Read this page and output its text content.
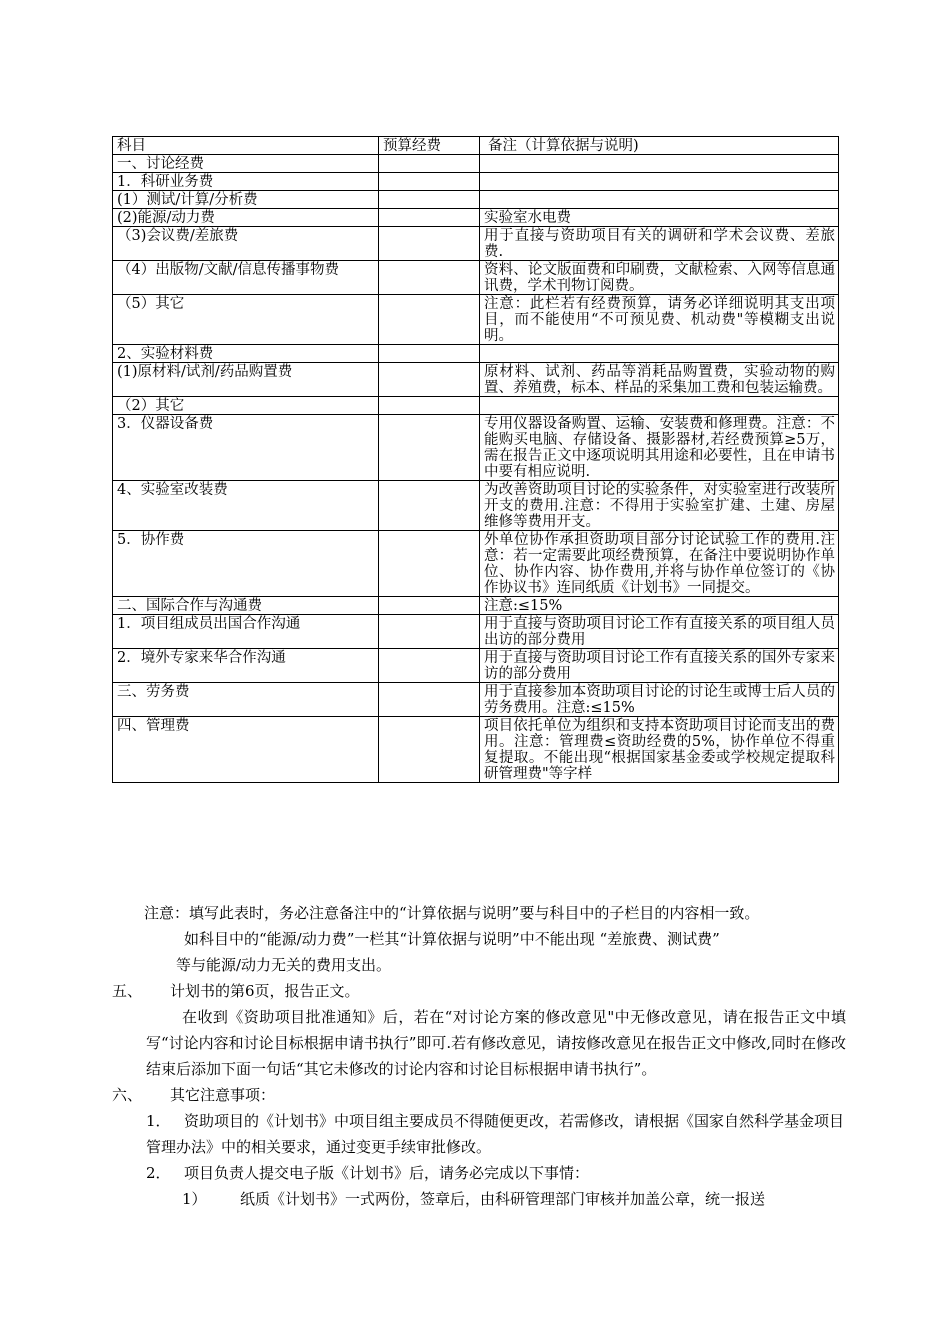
科目	预算经费	备注（计算依据与说明)
一、讨论经费		
1．科研业务费		
(1）测试/计算/分析费		
(2)能源/动力费		实验室水电费
（3)会议费/差旅费		用于直接与资助项目有关的调研和学术会议费、差旅费.
（4）出版物/文献/信息传播事物费		资料、论文版面费和印刷费，文献检索、入网等信息通讯费，学术刊物订阅费。
（5）其它		注意：此栏若有经费预算，请务必详细说明其支出项目，而不能使用“不可预见费、机动费"等模糊支出说明。
2、实验材料费		
(1)原材料/试剂/药品购置费		原材料、试剂、药品等消耗品购置费，实验动物的购置、养殖费，标本、样品的采集加工费和包装运输费。
（2）其它		
3．仪器设备费		专用仪器设备购置、运输、安装费和修理费。注意：不能购买电脑、存储设备、摄影器材,若经费预算≥5万，需在报告正文中逐项说明其用途和必要性，且在申请书中要有相应说明.
4、实验室改装费		为改善资助项目讨论的实验条件，对实验室进行改装所开支的费用.注意：不得用于实验室扩建、土建、房屋维修等费用开支。
5．协作费		外单位协作承担资助项目部分讨论试验工作的费用.注意：若一定需要此项经费预算，在备注中要说明协作单位、协作内容、协作费用,并将与协作单位签订的《协作协议书》连同纸质《计划书》一同提交。
二、国际合作与沟通费		注意:≤15%
1．项目组成员出国合作沟通		用于直接与资助项目讨论工作有直接关系的项目组人员出访的部分费用
2．境外专家来华合作沟通		用于直接与资助项目讨论工作有直接关系的国外专家来访的部分费用
三、劳务费		用于直接参加本资助项目讨论的讨论生或博士后人员的劳务费用。注意:≤15%
四、管理费		项目依托单位为组织和支持本资助项目讨论而支出的费用。注意：管理费≤资助经费的5%，协作单位不得重复提取。不能出现“根据国家基金委或学校规定提取科研管理费"等字样

注意：填写此表时，务必注意备注中的“计算依据与说明”要与科目中的子栏目的内容相一致。

如科目中的“能源/动力费”一栏其“计算依据与说明”中不能出现 “差旅费、测试费”

等与能源/动力无关的费用支出。

五、 计划书的第6页，报告正文。

在收到《资助项目批准通知》后，若在“对讨论方案的修改意见"中无修改意见，请在报告正文中填写“讨论内容和讨论目标根据申请书执行”即可.若有修改意见，请按修改意见在报告正文中修改,同时在修改结束后添加下面一句话“其它未修改的讨论内容和讨论目标根据申请书执行”。

六、 其它注意事项：

1． 资助项目的《计划书》中项目组主要成员不得随便更改，若需修改，请根据《国家自然科学基金项目管理办法》中的相关要求，通过变更手续审批修改。

2． 项目负责人提交电子版《计划书》后，请务必完成以下事情：

1） 纸质《计划书》一式两份，签章后，由科研管理部门审核并加盖公章，统一报送
